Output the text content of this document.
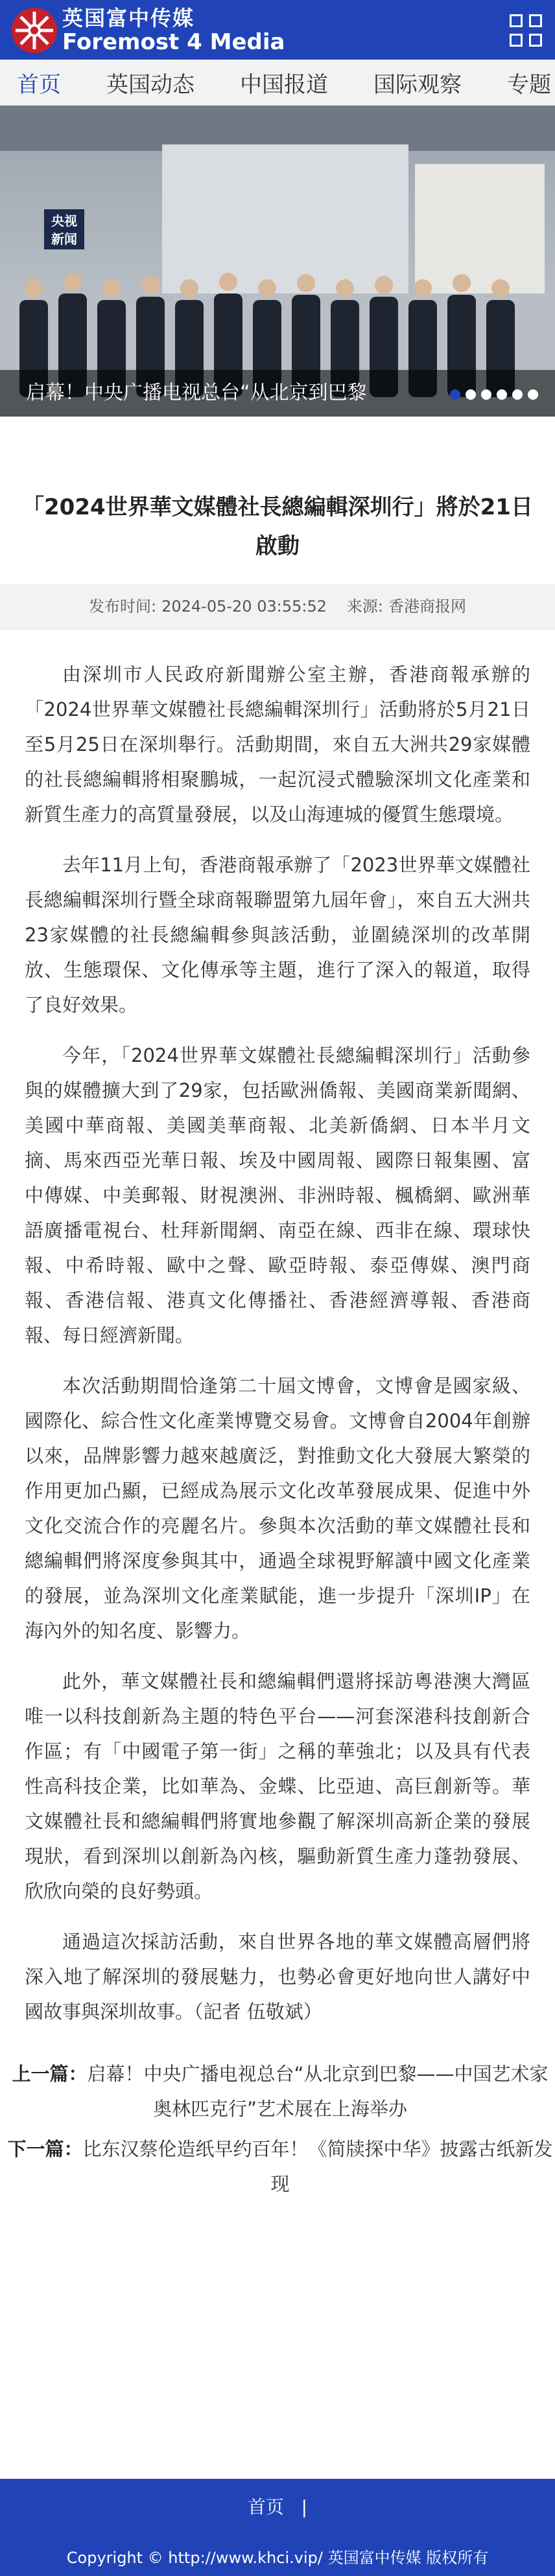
英国富中传媒
Foremost 4 Media
首页 英国动态 中国报道 国际观察 专题
央视
新闻
启幕！中央广播电视总台“从北京到巴黎
「2024世界華文媒體社長總編輯深圳行」將於21日啟動
发布时间: 2024-05-20 03:55:52 来源: 香港商报网

由深圳市人民政府新聞辦公室主辦，香港商報承辦的「2024世界華文媒體社長總編輯深圳行」活動將於5月21日至5月25日在深圳舉行。活動期間，來自五大洲共29家媒體的社長總編輯將相聚鵬城，一起沉浸式體驗深圳文化產業和新質生產力的高質量發展，以及山海連城的優質生態環境。

去年11月上旬，香港商報承辦了「2023世界華文媒體社長總編輯深圳行暨全球商報聯盟第九屆年會」，來自五大洲共23家媒體的社長總編輯參與該活動，並圍繞深圳的改革開放、生態環保、文化傳承等主題，進行了深入的報道，取得了良好效果。

今年，「2024世界華文媒體社長總編輯深圳行」活動參與的媒體擴大到了29家，包括歐洲僑報、美國商業新聞網、美國中華商報、美國美華商報、北美新僑網、日本半月文摘、馬來西亞光華日報、埃及中國周報、國際日報集團、富中傳媒、中美郵報、財視澳洲、非洲時報、楓橋網、歐洲華語廣播電視台、杜拜新聞網、南亞在線、西非在線、環球快報、中希時報、歐中之聲、歐亞時報、泰亞傳媒、澳門商報、香港信報、港真文化傳播社、香港經濟導報、香港商報、每日經濟新聞。

本次活動期間恰逢第二十屆文博會，文博會是國家級、國際化、綜合性文化產業博覽交易會。文博會自2004年創辦以來，品牌影響力越來越廣泛，對推動文化大發展大繁榮的作用更加凸顯，已經成為展示文化改革發展成果、促進中外文化交流合作的亮麗名片。參與本次活動的華文媒體社長和總編輯們將深度參與其中，通過全球視野解讀中國文化產業的發展，並為深圳文化產業賦能，進一步提升「深圳IP」在海內外的知名度、影響力。

此外，華文媒體社長和總編輯們還將採訪粵港澳大灣區唯一以科技創新為主題的特色平台——河套深港科技創新合作區；有「中國電子第一街」之稱的華強北；以及具有代表性高科技企業，比如華為、金蝶、比亞迪、高巨創新等。華文媒體社長和總編輯們將實地參觀了解深圳高新企業的發展現狀，看到深圳以創新為內核，驅動新質生產力蓬勃發展、欣欣向榮的良好勢頭。

通過這次採訪活動，來自世界各地的華文媒體高層們將深入地了解深圳的發展魅力，也勢必會更好地向世人講好中國故事與深圳故事。（記者 伍敬斌）

上一篇：启幕！中央广播电视总台“从北京到巴黎——中国艺术家奥林匹克行”艺术展在上海举办
下一篇：比东汉蔡伦造纸早约百年！《简牍探中华》披露古纸新发现
首页 |
Copyright © http://www.khci.vip/ 英国富中传媒 版权所有
